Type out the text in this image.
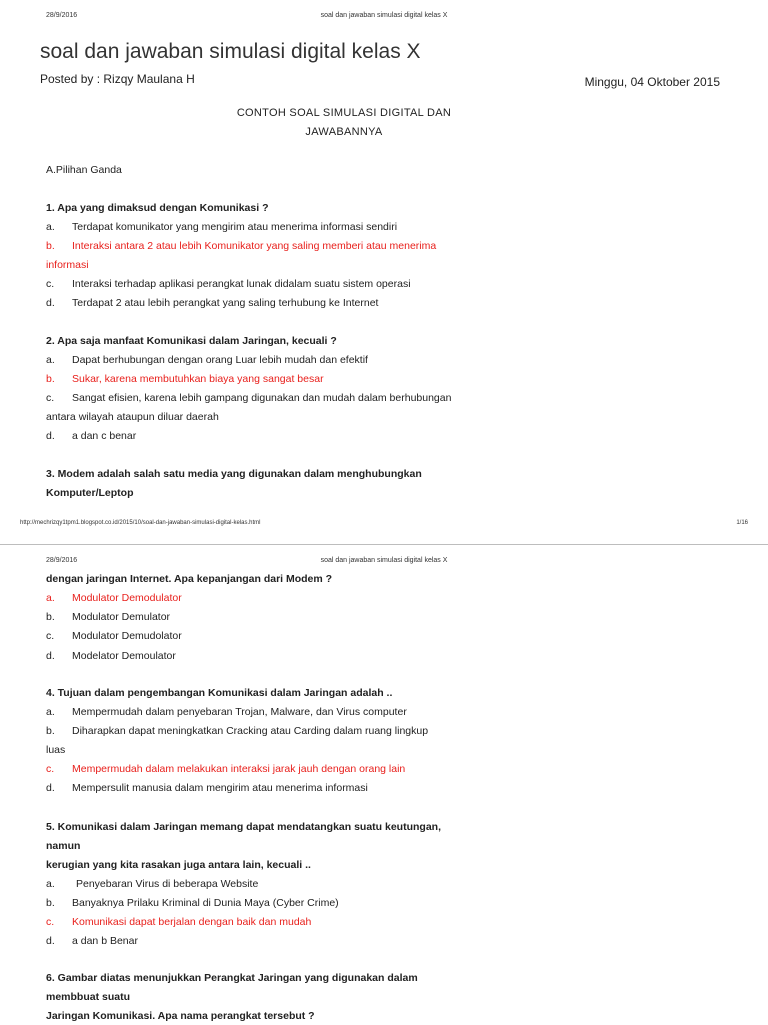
28/9/2016	soal dan jawaban simulasi digital kelas X
soal dan jawaban simulasi digital kelas X
Posted by : Rizqy Maulana H	Minggu, 04 Oktober 2015
CONTOH SOAL SIMULASI DIGITAL DAN
JAWABANNYA
A.Pilihan Ganda
1. Apa yang dimaksud dengan Komunikasi ?
a. Terdapat komunikator yang mengirim atau menerima informasi sendiri
b. Interaksi antara 2 atau lebih Komunikator yang saling memberi atau menerima
informasi
c. Interaksi terhadap aplikasi perangkat lunak didalam suatu sistem operasi
d. Terdapat 2 atau lebih perangkat yang saling terhubung ke Internet
2. Apa saja manfaat Komunikasi dalam Jaringan, kecuali ?
a. Dapat berhubungan dengan orang Luar lebih mudah dan efektif
b. Sukar, karena membutuhkan biaya yang sangat besar
c. Sangat efisien, karena lebih gampang digunakan dan mudah dalam berhubungan
antara wilayah ataupun diluar daerah
d. a dan c benar
3. Modem adalah salah satu media yang digunakan dalam menghubungkan
Komputer/Leptop
http://mechrizqy1tpm1.blogspot.co.id/2015/10/soal-dan-jawaban-simulasi-digital-kelas.html	1/16
28/9/2016	soal dan jawaban simulasi digital kelas X
dengan jaringan Internet. Apa kepanjangan dari Modem ?
a. Modulator Demodulator
b. Modulator Demulator
c. Modulator Demudolator
d. Modelator Demoulator
4. Tujuan dalam pengembangan Komunikasi dalam Jaringan adalah ..
a. Mempermudah dalam penyebaran Trojan, Malware, dan Virus computer
b. Diharapkan dapat meningkatkan Cracking atau Carding dalam ruang lingkup
luas
c. Mempermudah dalam melakukan interaksi jarak jauh dengan orang lain
d. Mempersulit manusia dalam mengirim atau menerima informasi
5. Komunikasi dalam Jaringan memang dapat mendatangkan suatu keutungan,
namun
kerugian yang kita rasakan juga antara lain, kecuali ..
a. Penyebaran Virus di beberapa Website
b. Banyaknya Prilaku Kriminal di Dunia Maya (Cyber Crime)
c. Komunikasi dapat berjalan dengan baik dan mudah
d. a dan b Benar
6. Gambar diatas menunjukkan Perangkat Jaringan yang digunakan dalam
membbuat suatu
Jaringan Komunikasi. Apa nama perangkat tersebut ?
